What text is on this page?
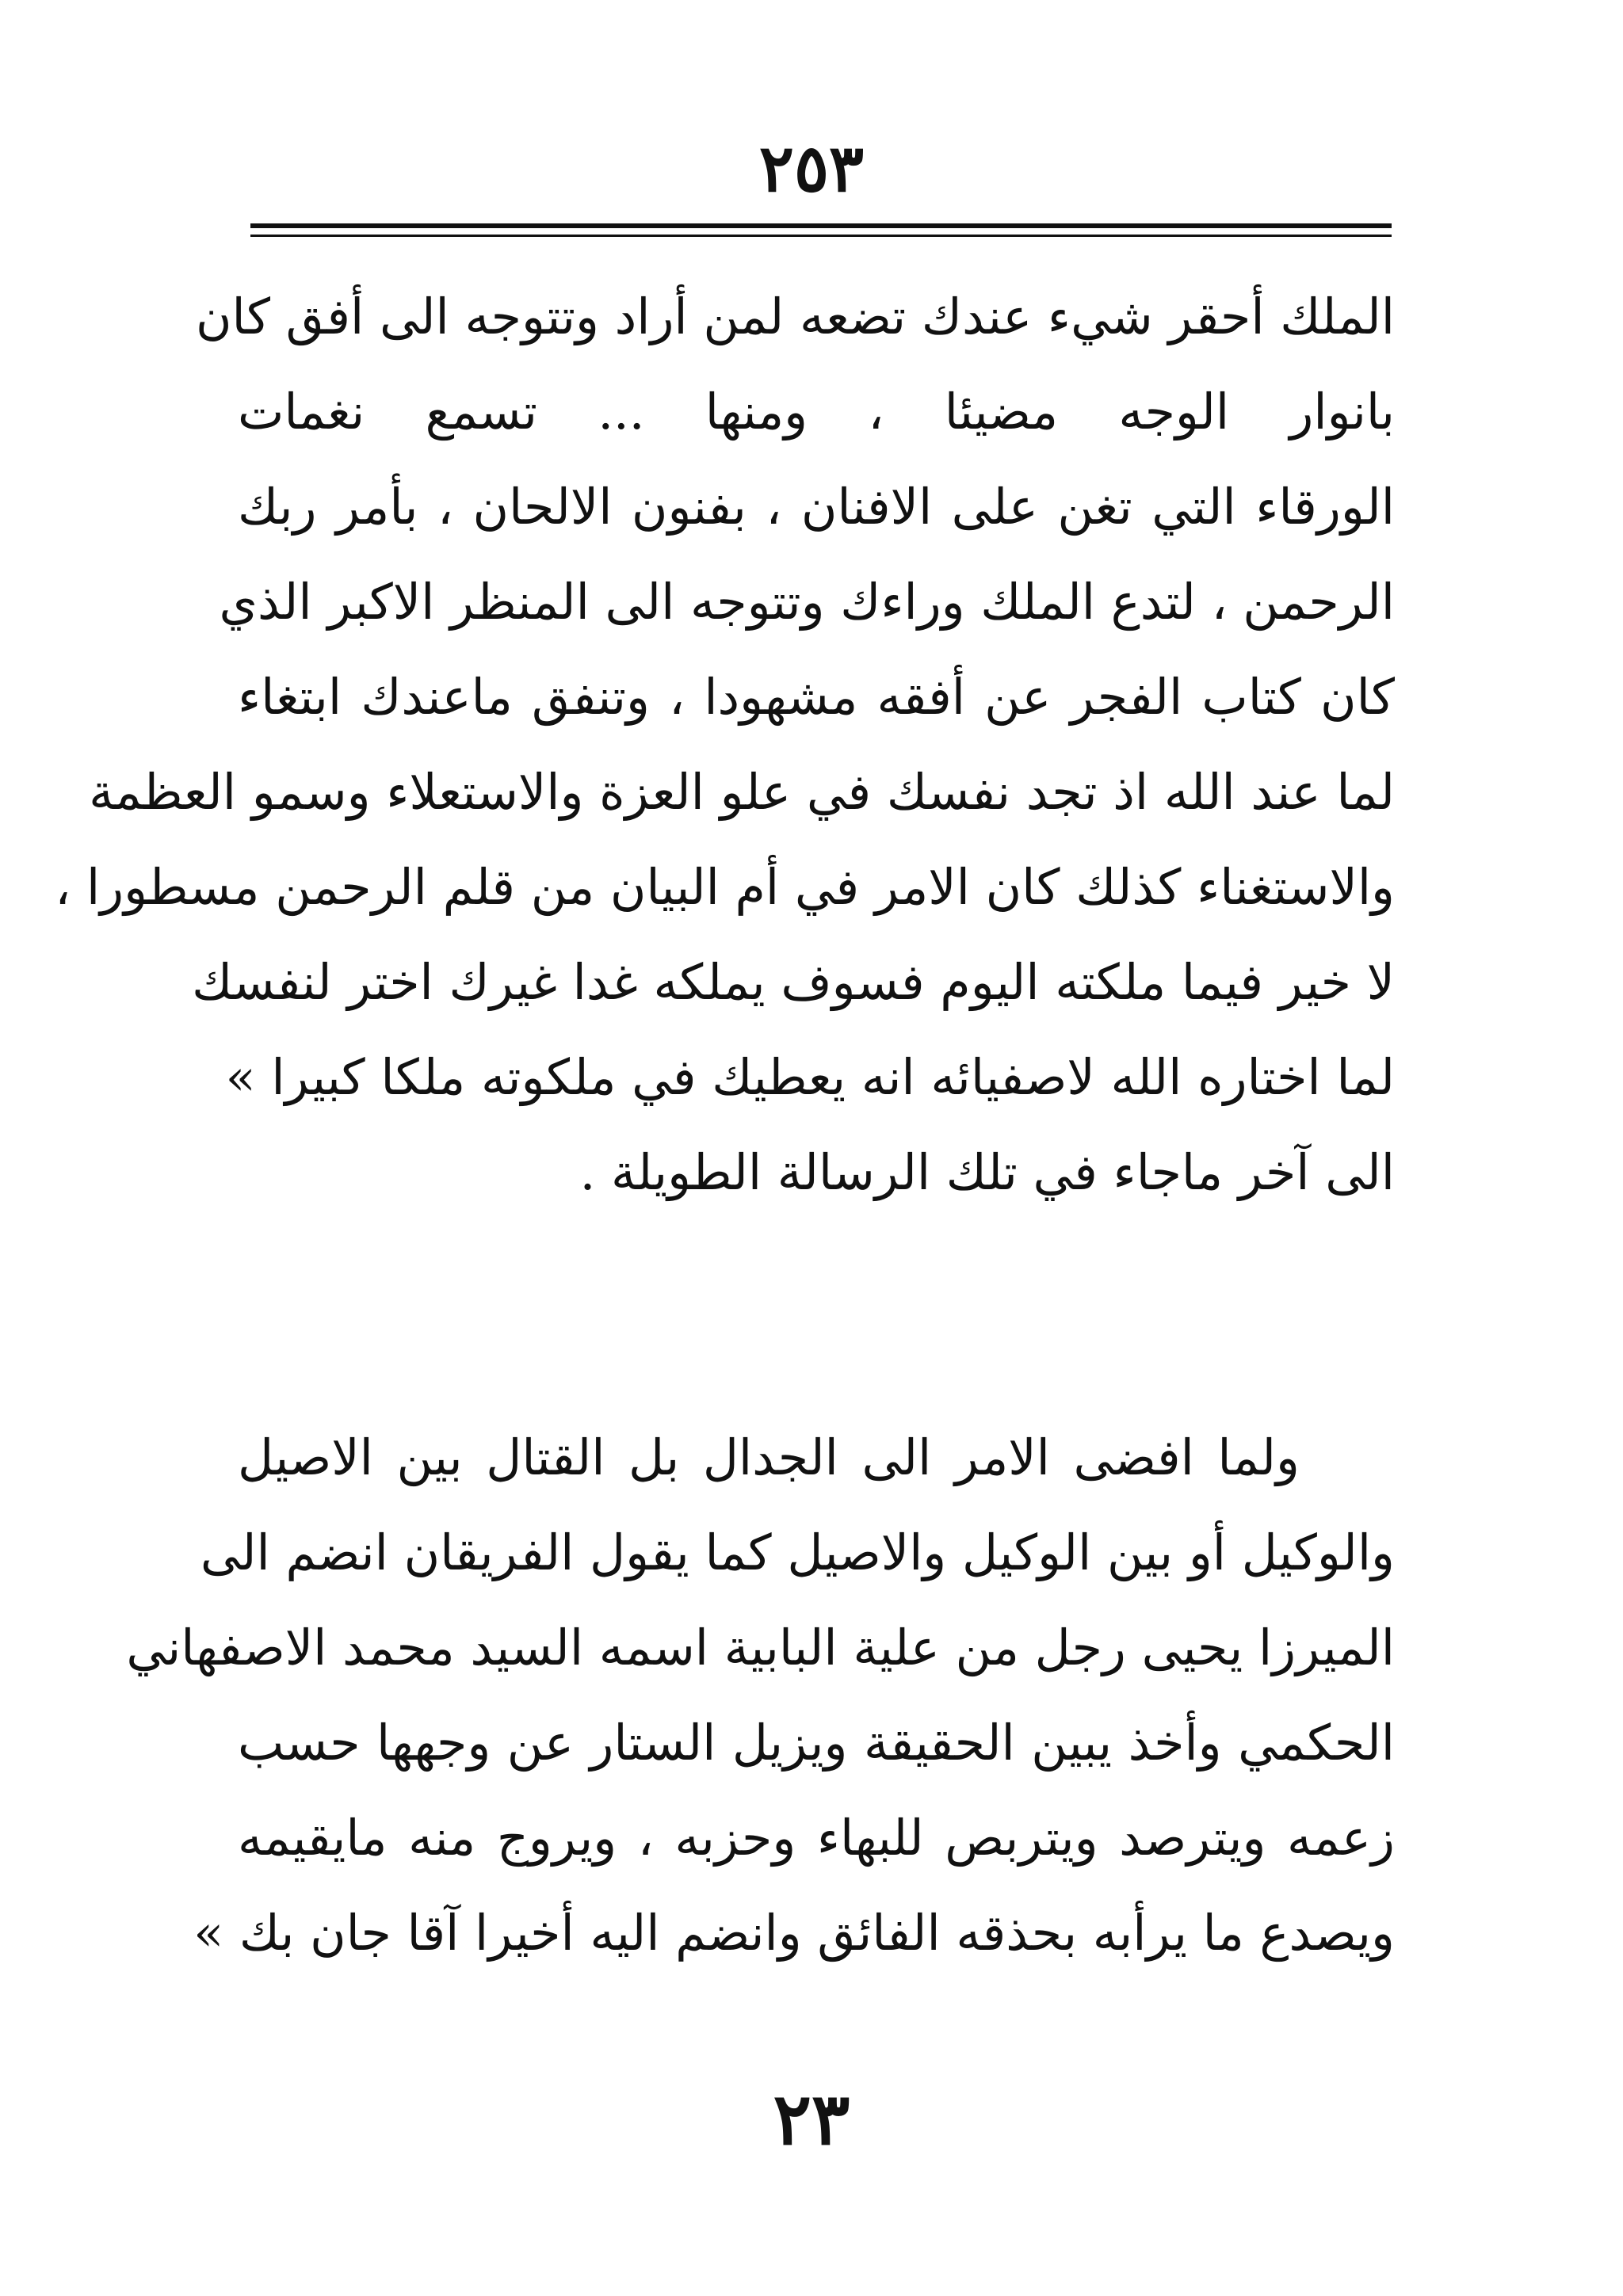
٢٥٣
الملك أحقر شيء عندك تضعه لمن أراد وتتوجه الى أفق كان
بانوار الوجه مضيئا ، ومنها ... تسمع نغمات
الورقاء التي تغن على الافنان ، بفنون الالحان ، بأمر ربك
الرحمن ، لتدع الملك وراءك وتتوجه الى المنظر الاكبر الذي
كان كتاب الفجر عن أفقه مشهودا ، وتنفق ماعندك ابتغاء
لما عند الله اذ تجد نفسك في علو العزة والاستعلاء وسمو العظمة
والاستغناء كذلك كان الامر في أم البيان من قلم الرحمن مسطورا ،
لا خير فيما ملكته اليوم فسوف يملكه غدا غيرك اختر لنفسك
لما اختاره الله لاصفيائه انه يعطيك في ملكوته ملكا كبيرا »
الى آخر ماجاء في تلك الرسالة الطويلة .
ولما افضى الامر الى الجدال بل القتال بين الاصيل
والوكيل أو بين الوكيل والاصيل كما يقول الفريقان انضم الى
الميرزا يحيى رجل من علية البابية اسمه السيد محمد الاصفهاني
الحكمي وأخذ يبين الحقيقة ويزيل الستار عن وجهها حسب
زعمه ويترصد ويتربص للبهاء وحزبه ، ويروج منه مايقيمه
ويصدع ما يرأبه بحذقه الفائق وانضم اليه أخيرا آقا جان بك »
٢٣
